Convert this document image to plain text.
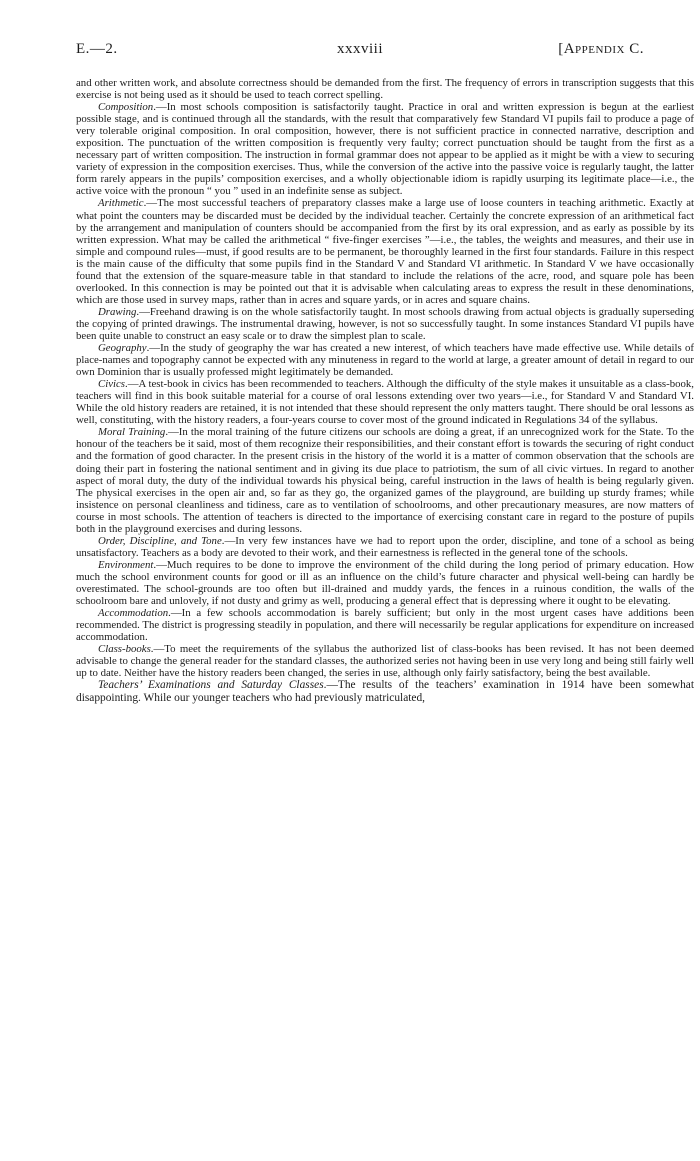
E.—2.	xxxviii	[Appendix C.

and other written work, and absolute correctness should be demanded from the first. The frequency of errors in transcription suggests that this exercise is not being used as it should be used to teach correct spelling.

Composition.—In most schools composition is satisfactorily taught. Practice in oral and written expression is begun at the earliest possible stage, and is continued through all the standards, with the result that comparatively few Standard VI pupils fail to produce a page of very tolerable original composition. In oral composition, however, there is not sufficient practice in connected narrative, description and exposition. The punctuation of the written composition is frequently very faulty; correct punctuation should be taught from the first as a necessary part of written composition. The instruction in formal grammar does not appear to be applied as it might be with a view to securing variety of expression in the composition exercises. Thus, while the conversion of the active into the passive voice is regularly taught, the latter form rarely appears in the pupils’ composition exercises, and a wholly objectionable idiom is rapidly usurping its legitimate place—i.e., the active voice with the pronoun “ you ” used in an indefinite sense as subject.

Arithmetic.—The most successful teachers of preparatory classes make a large use of loose counters in teaching arithmetic. Exactly at what point the counters may be discarded must be decided by the individual teacher. Certainly the concrete expression of an arithmetical fact by the arrangement and manipulation of counters should be accompanied from the first by its oral expression, and as early as possible by its written expression. What may be called the arithmetical “ five-finger exercises ”—i.e., the tables, the weights and measures, and their use in simple and compound rules—must, if good results are to be permanent, be thoroughly learned in the first four standards. Failure in this respect is the main cause of the difficulty that some pupils find in the Standard V and Standard VI arithmetic. In Standard V we have occasionally found that the extension of the square-measure table in that standard to include the relations of the acre, rood, and square pole has been overlooked. In this connection is may be pointed out that it is advisable when calculating areas to express the result in these denominations, which are those used in survey maps, rather than in acres and square yards, or in acres and square chains.

Drawing.—Freehand drawing is on the whole satisfactorily taught. In most schools drawing from actual objects is gradually superseding the copying of printed drawings. The instrumental drawing, however, is not so successfully taught. In some instances Standard VI pupils have been quite unable to construct an easy scale or to draw the simplest plan to scale.

Geography.—In the study of geography the war has created a new interest, of which teachers have made effective use. While details of place-names and topography cannot be expected with any minuteness in regard to the world at large, a greater amount of detail in regard to our own Dominion thar is usually professed might legitimately be demanded.

Civics.—A test-book in civics has been recommended to teachers. Although the difficulty of the style makes it unsuitable as a class-book, teachers will find in this book suitable material for a course of oral lessons extending over two years—i.e., for Standard V and Standard VI. While the old history readers are retained, it is not intended that these should represent the only matters taught. There should be oral lessons as well, constituting, with the history readers, a four-years course to cover most of the ground indicated in Regulations 34 of the syllabus.

Moral Training.—In the moral training of the future citizens our schools are doing a great, if an unrecognized work for the State. To the honour of the teachers be it said, most of them recognize their responsibilities, and their constant effort is towards the securing of right conduct and the formation of good character. In the present crisis in the history of the world it is a matter of common observation that the schools are doing their part in fostering the national sentiment and in giving its due place to patriotism, the sum of all civic virtues. In regard to another aspect of moral duty, the duty of the individual towards his physical being, careful instruction in the laws of health is being regularly given. The physical exercises in the open air and, so far as they go, the organized games of the playground, are building up sturdy frames; while insistence on personal cleanliness and tidiness, care as to ventilation of schoolrooms, and other precautionary measures, are now matters of course in most schools. The attention of teachers is directed to the importance of exercising constant care in regard to the posture of pupils both in the playground exercises and during lessons.

Order, Discipline, and Tone.—In very few instances have we had to report upon the order, discipline, and tone of a school as being unsatisfactory. Teachers as a body are devoted to their work, and their earnestness is reflected in the general tone of the schools.

Environment.—Much requires to be done to improve the environment of the child during the long period of primary education. How much the school environment counts for good or ill as an influence on the child’s future character and physical well-being can hardly be overestimated. The school-grounds are too often but ill-drained and muddy yards, the fences in a ruinous condition, the walls of the schoolroom bare and unlovely, if not dusty and grimy as well, producing a general effect that is depressing where it ought to be elevating.

Accommodation.—In a few schools accommodation is barely sufficient; but only in the most urgent cases have additions been recommended. The district is progressing steadily in population, and there will necessarily be regular applications for expenditure on increased accommodation.

Class-books.—To meet the requirements of the syllabus the authorized list of class-books has been revised. It has not been deemed advisable to change the general reader for the standard classes, the authorized series not having been in use very long and being still fairly well up to date. Neither have the history readers been changed, the series in use, although only fairly satisfactory, being the best available.

Teachers’ Examinations and Saturday Classes.—The results of the teachers’ examination in 1914 have been somewhat disappointing. While our younger teachers who had previously matriculated,
